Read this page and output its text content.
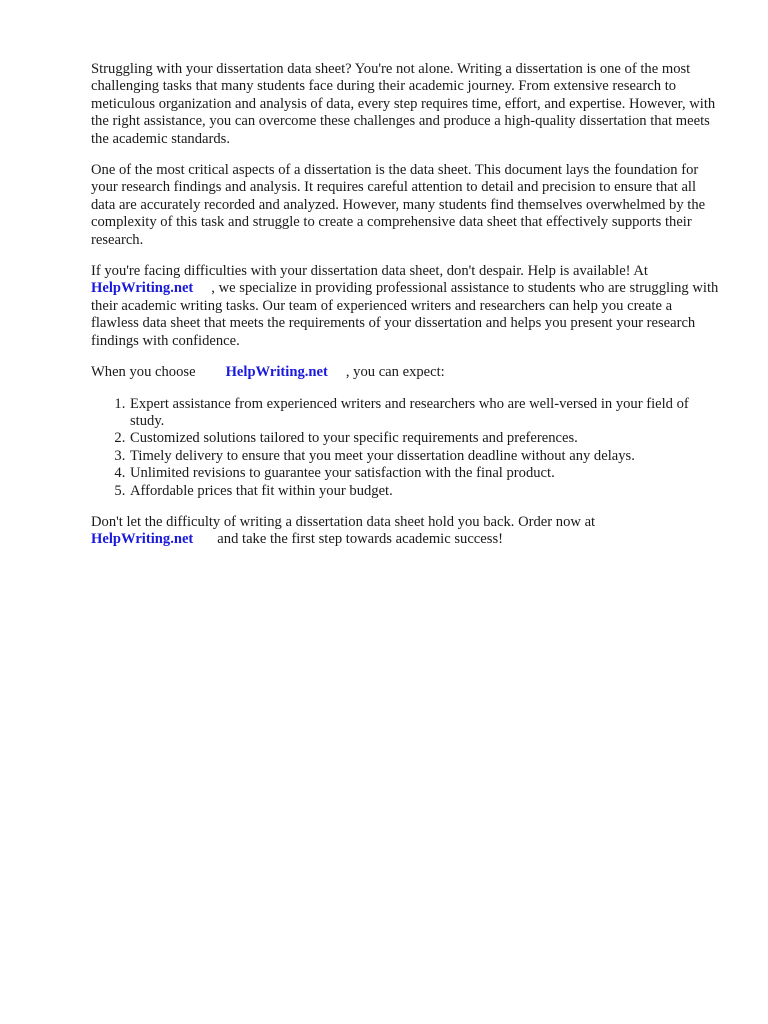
Struggling with your dissertation data sheet? You're not alone. Writing a dissertation is one of the most challenging tasks that many students face during their academic journey. From extensive research to meticulous organization and analysis of data, every step requires time, effort, and expertise. However, with the right assistance, you can overcome these challenges and produce a high-quality dissertation that meets the academic standards.

One of the most critical aspects of a dissertation is the data sheet. This document lays the foundation for your research findings and analysis. It requires careful attention to detail and precision to ensure that all data are accurately recorded and analyzed. However, many students find themselves overwhelmed by the complexity of this task and struggle to create a comprehensive data sheet that effectively supports their research.

If you're facing difficulties with your dissertation data sheet, don't despair. Help is available! At
HelpWriting.net , we specialize in providing professional assistance to students who are struggling with their academic writing tasks. Our team of experienced writers and researchers can help you create a flawless data sheet that meets the requirements of your dissertation and helps you present your research findings with confidence.

When you choose HelpWriting.net , you can expect:

1. Expert assistance from experienced writers and researchers who are well-versed in your field of study.
2. Customized solutions tailored to your specific requirements and preferences.
3. Timely delivery to ensure that you meet your dissertation deadline without any delays.
4. Unlimited revisions to guarantee your satisfaction with the final product.
5. Affordable prices that fit within your budget.

Don't let the difficulty of writing a dissertation data sheet hold you back. Order now at
HelpWriting.net and take the first step towards academic success!
